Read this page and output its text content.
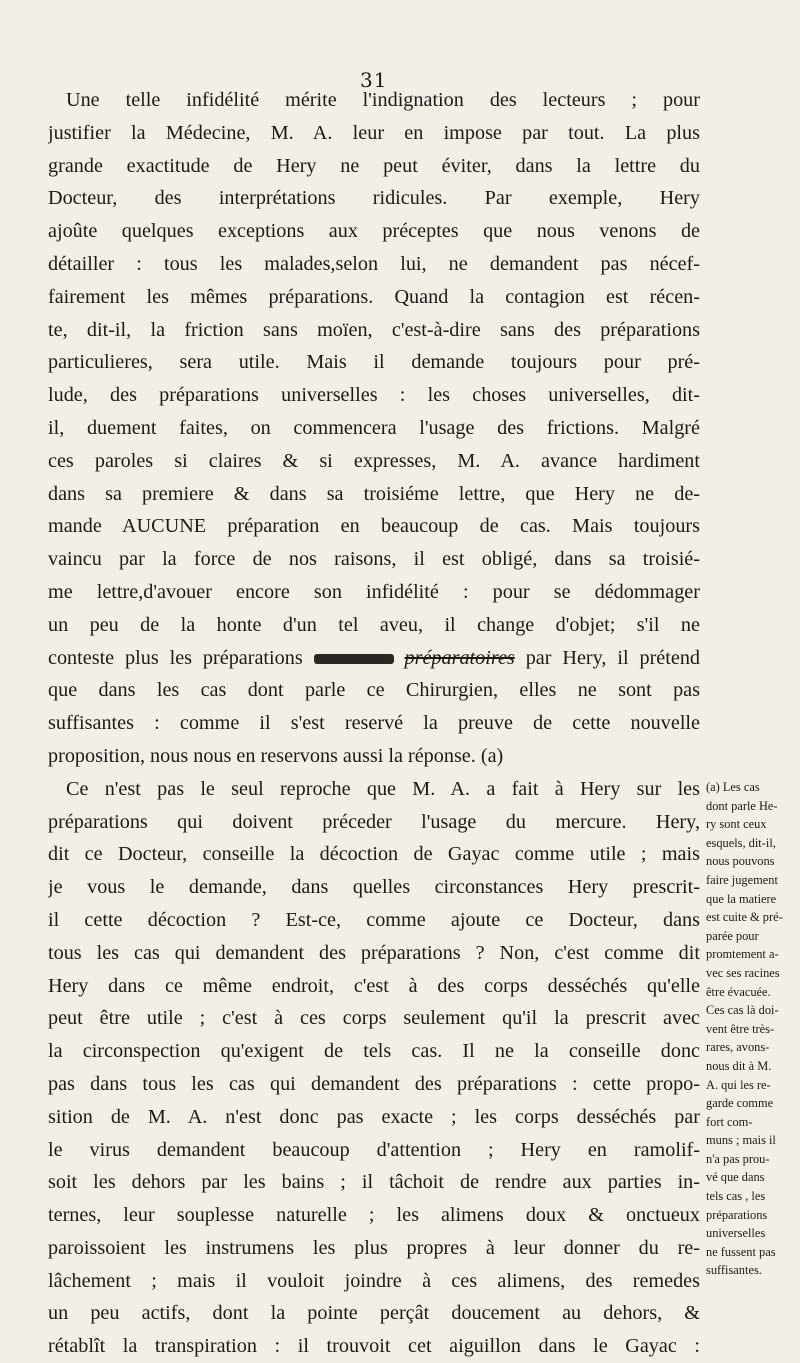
31
Une telle infidélité mérite l'indignation des lecteurs ; pour
justifier la Médecine, M. A. leur en impose par tout. La plus
grande exactitude de Hery ne peut éviter, dans la lettre du
Docteur, des interprétations ridicules. Par exemple, Hery
ajoûte quelques exceptions aux préceptes que nous venons de
détailler : tous les malades,selon lui, ne demandent pas nécef-
fairement les mêmes préparations. Quand la contagion est récen-
te, dit-il, la friction sans moïen, c'est-à-dire sans des préparations
particulieres, sera utile. Mais il demande toujours pour pré-
lude, des préparations universelles : les choses universelles, dit-
il, duement faites, on commencera l'usage des frictions. Malgré
ces paroles si claires & si expresses, M. A. avance hardiment
dans sa premiere & dans sa troisiéme lettre, que Hery ne de-
mande AUCUNE préparation en beaucoup de cas. Mais toujours
vaincu par la force de nos raisons, il est obligé, dans sa troisié-
me lettre,d'avouer encore son infidélité : pour se dédommager
un peu de la honte d'un tel aveu, il change d'objet; s'il ne
conteste plus les préparations	préparatoires par Hery, il prétend
que dans les cas dont parle ce Chirurgien, elles ne sont pas
suffisantes : comme il s'est reservé la preuve de cette nouvelle
proposition, nous nous en reservons aussi la réponse. (a)
Ce n'est pas le seul reproche que M. A. a fait à Hery sur les
préparations qui doivent préceder l'usage du mercure. Hery,
dit ce Docteur, conseille la décoction de Gayac comme utile ; mais
je vous le demande, dans quelles circonstances Hery prescrit-
il cette décoction ? Est-ce, comme ajoute ce Docteur, dans
tous les cas qui demandent des préparations ? Non, c'est comme dit
Hery dans ce même endroit, c'est à des corps desséchés qu'elle
peut être utile ; c'est à ces corps seulement qu'il la prescrit avec
la circonspection qu'exigent de tels cas. Il ne la conseille donc
pas dans tous les cas qui demandent des préparations : cette propo-
sition de M. A. n'est donc pas exacte ; les corps desséchés par
le virus demandent beaucoup d'attention ; Hery en ramolif-
soit les dehors par les bains ; il tâchoit de rendre aux parties in-
ternes, leur souplesse naturelle ; les alimens doux & onctueux
paroissoient les instrumens les plus propres à leur donner du re-
lâchement ; mais il vouloit joindre à ces alimens, des remedes
un peu actifs, dont la pointe perçât doucement au dehors, &
rétablît la transpiration : il trouvoit cet aiguillon dans le Gayac :
(a) Les cas
dont parle He-
ry sont ceux
esquels, dit-il,
nous pouvons
faire jugement
que la matiere
est cuite & pré-
parée pour
promtement a-
vec ses racines
être évacuée.
Ces cas là doi-
vent être très-
rares, avons-
nous dit à M.
A. qui les re-
garde comme
fort com-
muns ; mais il
n'a pas prou-
vé que dans
tels cas , les
préparations
universelles
ne fussent pas
suffisantes.
